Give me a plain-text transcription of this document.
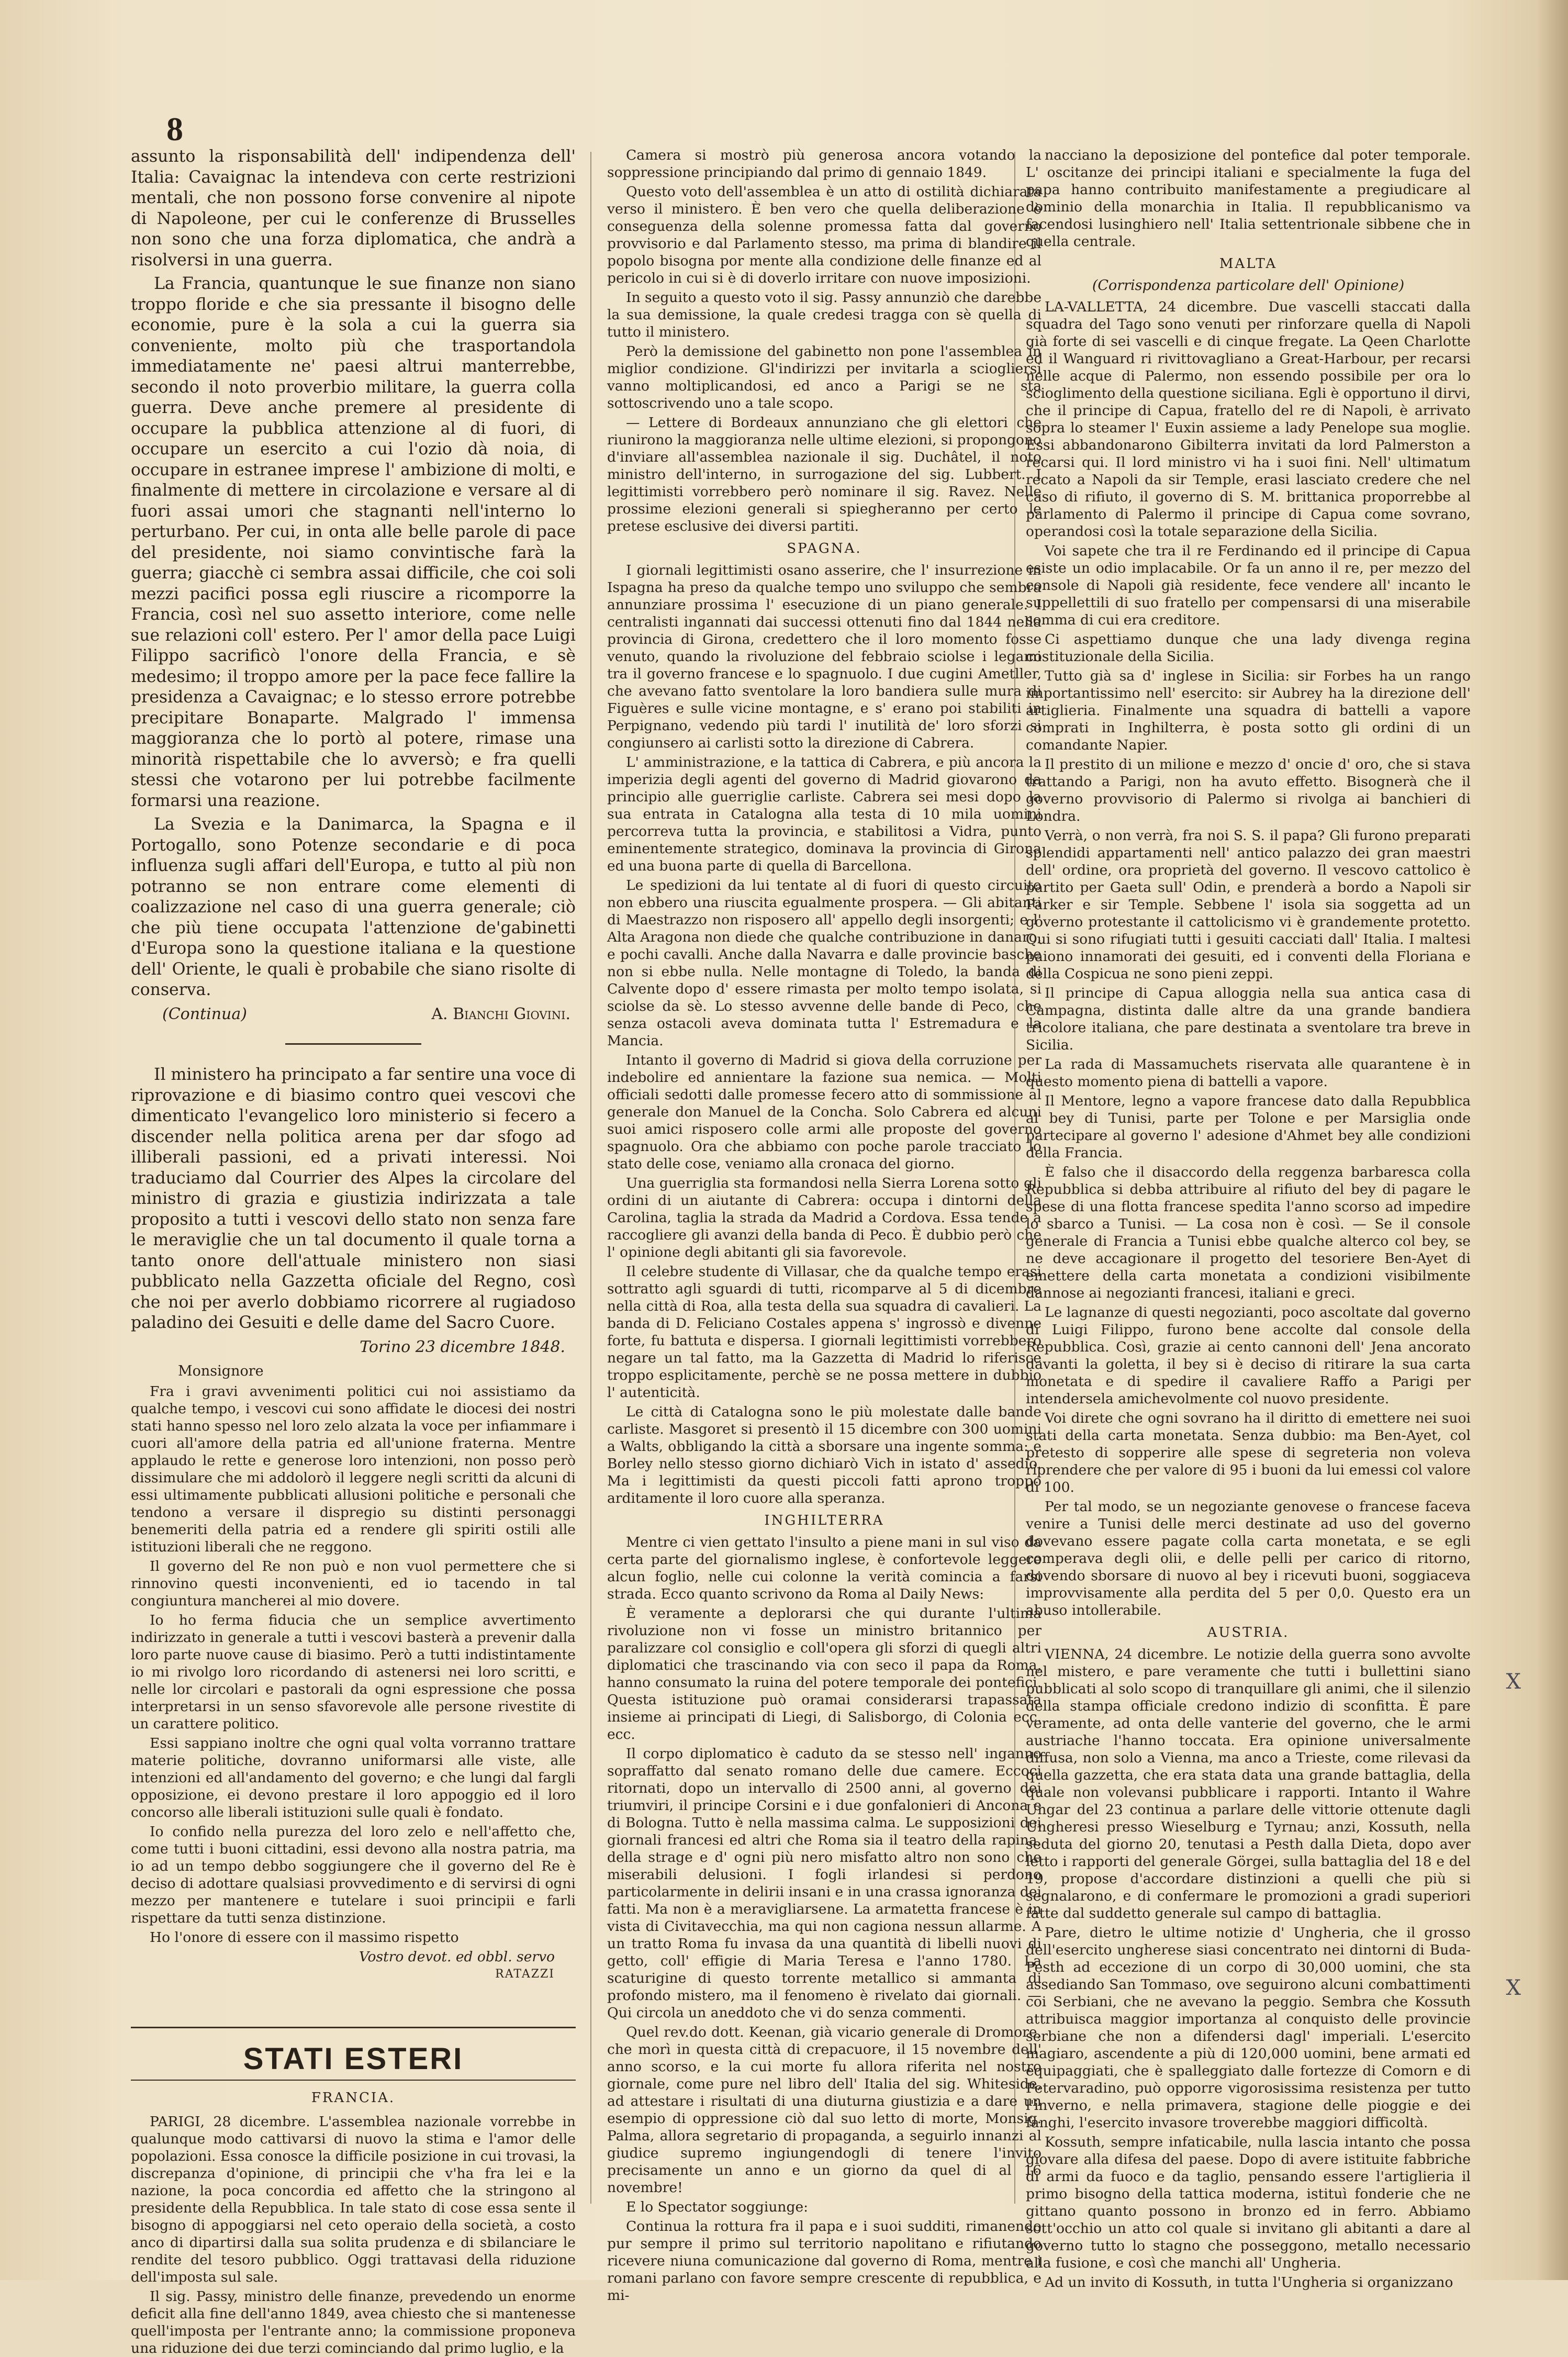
8

assunto la risponsabilità dell' indipendenza dell' Italia: Cavaignac la intendeva con certe restrizioni mentali, che non possono forse convenire al nipote di Napoleone, per cui le conferenze di Brusselles non sono che una forza diplomatica, che andrà a risolversi in una guerra.

La Francia, quantunque le sue finanze non siano troppo floride e che sia pressante il bisogno delle economie, pure è la sola a cui la guerra sia conveniente, molto più che trasportandola immediatamente ne' paesi altrui manterrebbe, secondo il noto proverbio militare, la guerra colla guerra. Deve anche premere al presidente di occupare la pubblica attenzione al di fuori, di occupare un esercito a cui l'ozio dà noia, di occupare in estranee imprese l' ambizione di molti, e finalmente di mettere in circolazione e versare al di fuori assai umori che stagnanti nell'interno lo perturbano. Per cui, in onta alle belle parole di pace del presidente, noi siamo convintische farà la guerra; giacchè ci sembra assai difficile, che coi soli mezzi pacifici possa egli riuscire a ricomporre la Francia, così nel suo assetto interiore, come nelle sue relazioni coll' estero. Per l' amor della pace Luigi Filippo sacrificò l'onore della Francia, e sè medesimo; il troppo amore per la pace fece fallire la presidenza a Cavaignac; e lo stesso errore potrebbe precipitare Bonaparte. Malgrado l' immensa maggioranza che lo portò al potere, rimase una minorità rispettabile che lo avversò; e fra quelli stessi che votarono per lui potrebbe facilmente formarsi una reazione.

La Svezia e la Danimarca, la Spagna e il Portogallo, sono Potenze secondarie e di poca influenza sugli affari dell'Europa, e tutto al più non potranno se non entrare come elementi di coalizzazione nel caso di una guerra generale; ciò che più tiene occupata l'attenzione de'gabinetti d'Europa sono la questione italiana e la questione dell' Oriente, le quali è probabile che siano risolte di conserva.

(Continua)	A. Bianchi Giovini.

Il ministero ha principato a far sentire una voce di riprovazione e di biasimo contro quei vescovi che dimenticato l'evangelico loro ministerio si fecero a discender nella politica arena per dar sfogo ad illiberali passioni, ed a privati interessi. Noi traduciamo dal Courrier des Alpes la circolare del ministro di grazia e giustizia indirizzata a tale proposito a tutti i vescovi dello stato non senza fare le meraviglie che un tal documento il quale torna a tanto onore dell'attuale ministero non siasi pubblicato nella Gazzetta oficiale del Regno, così che noi per averlo dobbiamo ricorrere al rugiadoso paladino dei Gesuiti e delle dame del Sacro Cuore.

Torino 23 dicembre 1848.
Monsignore

Fra i gravi avvenimenti politici cui noi assistiamo da qualche tempo, i vescovi cui sono affidate le diocesi dei nostri stati hanno spesso nel loro zelo alzata la voce per infiammare i cuori all'amore della patria ed all'unione fraterna. Mentre applaudo le rette e generose loro intenzioni, non posso però dissimulare che mi addolorò il leggere negli scritti da alcuni di essi ultimamente pubblicati allusioni politiche e personali che tendono a versare il dispregio su distinti personaggi benemeriti della patria ed a rendere gli spiriti ostili alle istituzioni liberali che ne reggono.

Il governo del Re non può e non vuol permettere che si rinnovino questi inconvenienti, ed io tacendo in tal congiuntura mancherei al mio dovere.

Io ho ferma fiducia che un semplice avvertimento indirizzato in generale a tutti i vescovi basterà a prevenir dalla loro parte nuove cause di biasimo. Però a tutti indistintamente io mi rivolgo loro ricordando di astenersi nei loro scritti, e nelle lor circolari e pastorali da ogni espressione che possa interpretarsi in un senso sfavorevole alle persone rivestite di un carattere politico.

Essi sappiano inoltre che ogni qual volta vorranno trattare materie politiche, dovranno uniformarsi alle viste, alle intenzioni ed all'andamento del governo; e che lungi dal fargli opposizione, ei devono prestare il loro appoggio ed il loro concorso alle liberali istituzioni sulle quali è fondato.

Io confido nella purezza del loro zelo e nell'affetto che, come tutti i buoni cittadini, essi devono alla nostra patria, ma io ad un tempo debbo soggiungere che il governo del Re è deciso di adottare qualsiasi provvedimento e di servirsi di ogni mezzo per mantenere e tutelare i suoi principii e farli rispettare da tutti senza distinzione.

Ho l'onore di essere con il massimo rispetto

Vostro devot. ed obbl. servo
RATAZZI
STATI ESTERI
FRANCIA.

PARIGI, 28 dicembre. L'assemblea nazionale vorrebbe in qualunque modo cattivarsi di nuovo la stima e l'amor delle popolazioni. Essa conosce la difficile posizione in cui trovasi, la discrepanza d'opinione, di principii che v'ha fra lei e la nazione, la poca concordia ed affetto che la stringono al presidente della Repubblica. In tale stato di cose essa sente il bisogno di appoggiarsi nel ceto operaio della società, a costo anco di dipartirsi dalla sua solita prudenza e di sbilanciare le rendite del tesoro pubblico. Oggi trattavasi della riduzione dell'imposta sul sale.

Il sig. Passy, ministro delle finanze, prevedendo un enorme deficit alla fine dell'anno 1849, avea chiesto che si mantenesse quell'imposta per l'entrante anno; la commissione proponeva una riduzione dei due terzi cominciando dal primo luglio, e la

Camera si mostrò più generosa ancora votando la soppressione principiando dal primo di gennaio 1849.

Questo voto dell'assemblea è un atto di ostilità dichiarata verso il ministero. È ben vero che quella deliberazione è conseguenza della solenne promessa fatta dal governo provvisorio e dal Parlamento stesso, ma prima di blandire il popolo bisogna por mente alla condizione delle finanze ed al pericolo in cui si è di doverlo irritare con nuove imposizioni.

In seguito a questo voto il sig. Passy annunziò che darebbe la sua demissione, la quale credesi tragga con sè quella di tutto il ministero.

Però la demissione del gabinetto non pone l'assemblea in miglior condizione. Gl'indirizzi per invitarla a sciogliersi vanno moltiplicandosi, ed anco a Parigi se ne sta sottoscrivendo uno a tale scopo.

— Lettere di Bordeaux annunziano che gli elettori che riunirono la maggioranza nelle ultime elezioni, si propongono d'inviare all'assemblea nazionale il sig. Duchâtel, il noto ministro dell'interno, in surrogazione del sig. Lubbert. I legittimisti vorrebbero però nominare il sig. Ravez. Nelle prossime elezioni generali si spiegheranno per certo le pretese esclusive dei diversi partiti.

SPAGNA.

I giornali legittimisti osano asserire, che l' insurrezione in Ispagna ha preso da qualche tempo uno sviluppo che sembra annunziare prossima l' esecuzione di un piano generale. I centralisti ingannati dai successi ottenuti fino dal 1844 nella provincia di Girona, credettero che il loro momento fosse venuto, quando la rivoluzione del febbraio sciolse i legami tra il governo francese e lo spagnuolo. I due cugini Ametller, che avevano fatto sventolare la loro bandiera sulle mura di Figuères e sulle vicine montagne, e s' erano poi stabiliti in Perpignano, vedendo più tardi l' inutilità de' loro sforzi si congiunsero ai carlisti sotto la direzione di Cabrera.

L' amministrazione, e la tattica di Cabrera, e più ancora la imperizia degli agenti del governo di Madrid giovarono da principio alle guerriglie carliste. Cabrera sei mesi dopo la sua entrata in Catalogna alla testa di 10 mila uomini percorreva tutta la provincia, e stabilitosi a Vidra, punto eminentemente strategico, dominava la provincia di Girona ed una buona parte di quella di Barcellona.

Le spedizioni da lui tentate al di fuori di questo circuito non ebbero una riuscita egualmente prospera. — Gli abitanti di Maestrazzo non risposero all' appello degli insorgenti; e l' Alta Aragona non diede che qualche contribuzione in danaro, e pochi cavalli. Anche dalla Navarra e dalle provincie basche non si ebbe nulla. Nelle montagne di Toledo, la banda di Calvente dopo d' essere rimasta per molto tempo isolata, si sciolse da sè. Lo stesso avvenne delle bande di Peco, che senza ostacoli aveva dominata tutta l' Estremadura e la Mancia.

Intanto il governo di Madrid si giova della corruzione per indebolire ed annientare la fazione sua nemica. — Molti officiali sedotti dalle promesse fecero atto di sommissione al generale don Manuel de la Concha. Solo Cabrera ed alcuni suoi amici risposero colle armi alle proposte del governo spagnuolo. Ora che abbiamo con poche parole tracciato lo stato delle cose, veniamo alla cronaca del giorno.

Una guerriglia sta formandosi nella Sierra Lorena sotto gli ordini di un aiutante di Cabrera: occupa i dintorni della Carolina, taglia la strada da Madrid a Cordova. Essa tende a raccogliere gli avanzi della banda di Peco. È dubbio però che l' opinione degli abitanti gli sia favorevole.

Il celebre studente di Villasar, che da qualche tempo erasi sottratto agli sguardi di tutti, ricomparve al 5 di dicembre nella città di Roa, alla testa della sua squadra di cavalieri. La banda di D. Feliciano Costales appena s' ingrossò e divenne forte, fu battuta e dispersa. I giornali legittimisti vorrebbero negare un tal fatto, ma la Gazzetta di Madrid lo riferisce troppo esplicitamente, perchè se ne possa mettere in dubbio l' autenticità.

Le città di Catalogna sono le più molestate dalle bande carliste. Masgoret si presentò il 15 dicembre con 300 uomini a Walts, obbligando la città a sborsare una ingente somma: e Borley nello stesso giorno dichiarò Vich in istato d' assedio. Ma i legittimisti da questi piccoli fatti aprono troppo arditamente il loro cuore alla speranza.

INGHILTERRA

Mentre ci vien gettato l'insulto a piene mani in sul viso da certa parte del giornalismo inglese, è confortevole leggere alcun foglio, nelle cui colonne la verità comincia a farsi strada. Ecco quanto scrivono da Roma al Daily News:

È veramente a deplorarsi che qui durante l'ultima rivoluzione non vi fosse un ministro britannico per paralizzare col consiglio e coll'opera gli sforzi di quegli altri diplomatici che trascinando via con seco il papa da Roma, hanno consumato la ruina del potere temporale dei pontefici. Questa istituzione può oramai considerarsi trapassata insieme ai principati di Liegi, di Salisborgo, di Colonia ecc. ecc.

Il corpo diplomatico è caduto da se stesso nell' inganno sopraffatto dal senato romano delle due camere. Eccoci ritornati, dopo un intervallo di 2500 anni, al governo dei triumviri, il principe Corsini e i due gonfalonieri di Ancona e di Bologna. Tutto è nella massima calma. Le supposizioni dei giornali francesi ed altri che Roma sia il teatro della rapina, della strage e d' ogni più nero misfatto altro non sono che miserabili delusioni. I fogli irlandesi si perdono particolarmente in delirii insani e in una crassa ignoranza dei fatti. Ma non è a meravigliarsene. La armatetta francese è in vista di Civitavecchia, ma qui non cagiona nessun allarme. A un tratto Roma fu invasa da una quantità di libelli nuovi di getto, coll' effigie di Maria Teresa e l'anno 1780. La scaturigine di questo torrente metallico si ammanta di profondo mistero, ma il fenomeno è rivelato dai giornali. — Qui circola un aneddoto che vi do senza commenti.

Quel rev.do dott. Keenan, già vicario generale di Dromore, che morì in questa città di crepacuore, il 15 novembre dell' anno scorso, e la cui morte fu allora riferita nel nostro giornale, come pure nel libro dell' Italia del sig. Whiteside, ad attestare i risultati di una diuturna giustizia e a dare un esempio di oppressione ciò dal suo letto di morte, Monsig. Palma, allora segretario di propaganda, a seguirlo innanzi al giudice supremo ingiungendogli di tenere l'invito precisamente un anno e un giorno da quel di al 16 novembre!

E lo Spectator soggiunge:

Continua la rottura fra il papa e i suoi sudditi, rimanendo pur sempre il primo sul territorio napolitano e rifiutando ricevere niuna comunicazione dal governo di Roma, mentre i romani parlano con favore sempre crescente di repubblica, e mi-

nacciano la deposizione del pontefice dal poter temporale. L' oscitanze dei principi italiani e specialmente la fuga del papa hanno contribuito manifestamente a pregiudicare al dominio della monarchia in Italia. Il repubblicanismo va facendosi lusinghiero nell' Italia settentrionale sibbene che in quella centrale.

MALTA
(Corrispondenza particolare dell' Opinione)

LA-VALLETTA, 24 dicembre. Due vascelli staccati dalla squadra del Tago sono venuti per rinforzare quella di Napoli già forte di sei vascelli e di cinque fregate. La Qeen Charlotte ed il Wanguard ri rivittovagliano a Great-Harbour, per recarsi nelle acque di Palermo, non essendo possibile per ora lo scioglimento della questione siciliana. Egli è opportuno il dirvi, che il principe di Capua, fratello del re di Napoli, è arrivato sopra lo steamer l' Euxin assieme a lady Penelope sua moglie. Essi abbandonarono Gibilterra invitati da lord Palmerston a recarsi qui. Il lord ministro vi ha i suoi fini. Nell' ultimatum recato a Napoli da sir Temple, erasi lasciato credere che nel caso di rifiuto, il governo di S. M. brittanica proporrebbe al parlamento di Palermo il principe di Capua come sovrano, operandosi così la totale separazione della Sicilia.

Voi sapete che tra il re Ferdinando ed il principe di Capua esiste un odio implacabile. Or fa un anno il re, per mezzo del console di Napoli già residente, fece vendere all' incanto le suppellettili di suo fratello per compensarsi di una miserabile somma di cui era creditore.

Ci aspettiamo dunque che una lady divenga regina costituzionale della Sicilia.

Tutto già sa d' inglese in Sicilia: sir Forbes ha un rango importantissimo nell' esercito: sir Aubrey ha la direzione dell' artiglieria. Finalmente una squadra di battelli a vapore comprati in Inghilterra, è posta sotto gli ordini di un comandante Napier.

Il prestito di un milione e mezzo d' oncie d' oro, che si stava trattando a Parigi, non ha avuto effetto. Bisognerà che il governo provvisorio di Palermo si rivolga ai banchieri di Londra.

Verrà, o non verrà, fra noi S. S. il papa? Gli furono preparati splendidi appartamenti nell' antico palazzo dei gran maestri dell' ordine, ora proprietà del governo. Il vescovo cattolico è partito per Gaeta sull' Odin, e prenderà a bordo a Napoli sir Parker e sir Temple. Sebbene l' isola sia soggetta ad un governo protestante il cattolicismo vi è grandemente protetto. Qui si sono rifugiati tutti i gesuiti cacciati dall' Italia. I maltesi paiono innamorati dei gesuiti, ed i conventi della Floriana e della Cospicua ne sono pieni zeppi.

Il principe di Capua alloggia nella sua antica casa di Campagna, distinta dalle altre da una grande bandiera tricolore italiana, che pare destinata a sventolare tra breve in Sicilia.

La rada di Massamuchets riservata alle quarantene è in questo momento piena di battelli a vapore.

Il Mentore, legno a vapore francese dato dalla Repubblica al bey di Tunisi, parte per Tolone e per Marsiglia onde partecipare al governo l' adesione d'Ahmet bey alle condizioni della Francia.

È falso che il disaccordo della reggenza barbaresca colla Repubblica si debba attribuire al rifiuto del bey di pagare le spese di una flotta francese spedita l'anno scorso ad impedire lo sbarco a Tunisi. — La cosa non è così. — Se il console generale di Francia a Tunisi ebbe qualche alterco col bey, se ne deve accagionare il progetto del tesoriere Ben-Ayet di emettere della carta monetata a condizioni visibilmente dannose ai negozianti francesi, italiani e greci.

Le lagnanze di questi negozianti, poco ascoltate dal governo di Luigi Filippo, furono bene accolte dal console della Repubblica. Così, grazie ai cento cannoni dell' Jena ancorato davanti la goletta, il bey si è deciso di ritirare la sua carta monetata e di spedire il cavaliere Raffo a Parigi per intendersela amichevolmente col nuovo presidente.

Voi direte che ogni sovrano ha il diritto di emettere nei suoi stati della carta monetata. Senza dubbio: ma Ben-Ayet, col pretesto di sopperire alle spese di segreteria non voleva riprendere che per valore di 95 i buoni da lui emessi col valore di 100.

Per tal modo, se un negoziante genovese o francese faceva venire a Tunisi delle merci destinate ad uso del governo dovevano essere pagate colla carta monetata, e se egli comperava degli olii, e delle pelli per carico di ritorno, dovendo sborsare di nuovo al bey i ricevuti buoni, soggiaceva improvvisamente alla perdita del 5 per 0,0. Questo era un abuso intollerabile.

AUSTRIA.

VIENNA, 24 dicembre. Le notizie della guerra sono avvolte nel mistero, e pare veramente che tutti i bullettini siano pubblicati al solo scopo di tranquillare gli animi, che il silenzio della stampa officiale credono indizio di sconfitta. È pare veramente, ad onta delle vanterie del governo, che le armi austriache l'hanno toccata. Era opinione universalmente diffusa, non solo a Vienna, ma anco a Trieste, come rilevasi da quella gazzetta, che era stata data una grande battaglia, della quale non volevansi pubblicare i rapporti. Intanto il Wahre Ungar del 23 continua a parlare delle vittorie ottenute dagli Ungheresi presso Wieselburg e Tyrnau; anzi, Kossuth, nella seduta del giorno 20, tenutasi a Pesth dalla Dieta, dopo aver letto i rapporti del generale Görgei, sulla battaglia del 18 e del 19, propose d'accordare distinzioni a quelli che più si segnalarono, e di confermare le promozioni a gradi superiori fatte dal suddetto generale sul campo di battaglia.

Pare, dietro le ultime notizie d' Ungheria, che il grosso dell'esercito ungherese siasi concentrato nei dintorni di Buda-Pesth ad eccezione di un corpo di 30,000 uomini, che sta assediando San Tommaso, ove seguirono alcuni combattimenti coi Serbiani, che ne avevano la peggio. Sembra che Kossuth attribuisca maggior importanza al conquisto delle provincie serbiane che non a difendersi dagl' imperiali. L'esercito magiaro, ascendente a più di 120,000 uomini, bene armati ed equipaggiati, che è spalleggiato dalle fortezze di Comorn e di Petervaradino, può opporre vigorosissima resistenza per tutto l'inverno, e nella primavera, stagione delle pioggie e dei fanghi, l'esercito invasore troverebbe maggiori difficoltà.

Kossuth, sempre infaticabile, nulla lascia intanto che possa giovare alla difesa del paese. Dopo di avere istituite fabbriche di armi da fuoco e da taglio, pensando essere l'artiglieria il primo bisogno della tattica moderna, istituì fonderie che ne gittano quanto possono in bronzo ed in ferro. Abbiamo sott'occhio un atto col quale si invitano gli abitanti a dare al governo tutto lo stagno che posseggono, metallo necessario alla fusione, e così che manchi all' Ungheria.

Ad un invito di Kossuth, in tutta l'Ungheria si organizzano

X
X
